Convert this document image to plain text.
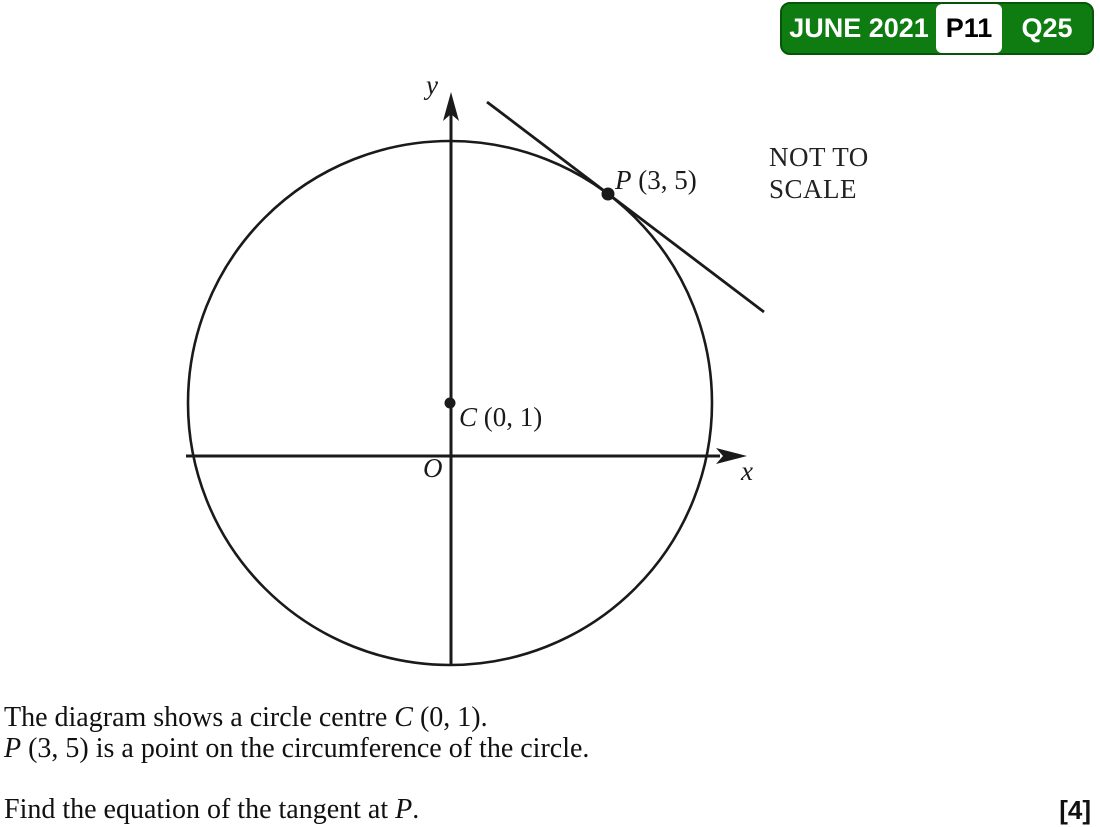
JUNE 2021 P11	Q25
y
x
O
C (0, 1)
P (3, 5)
NOT TO
SCALE
The diagram shows a circle centre C (0, 1).
P (3, 5) is a point on the circumference of the circle.
Find the equation of the tangent at P.	[4]
